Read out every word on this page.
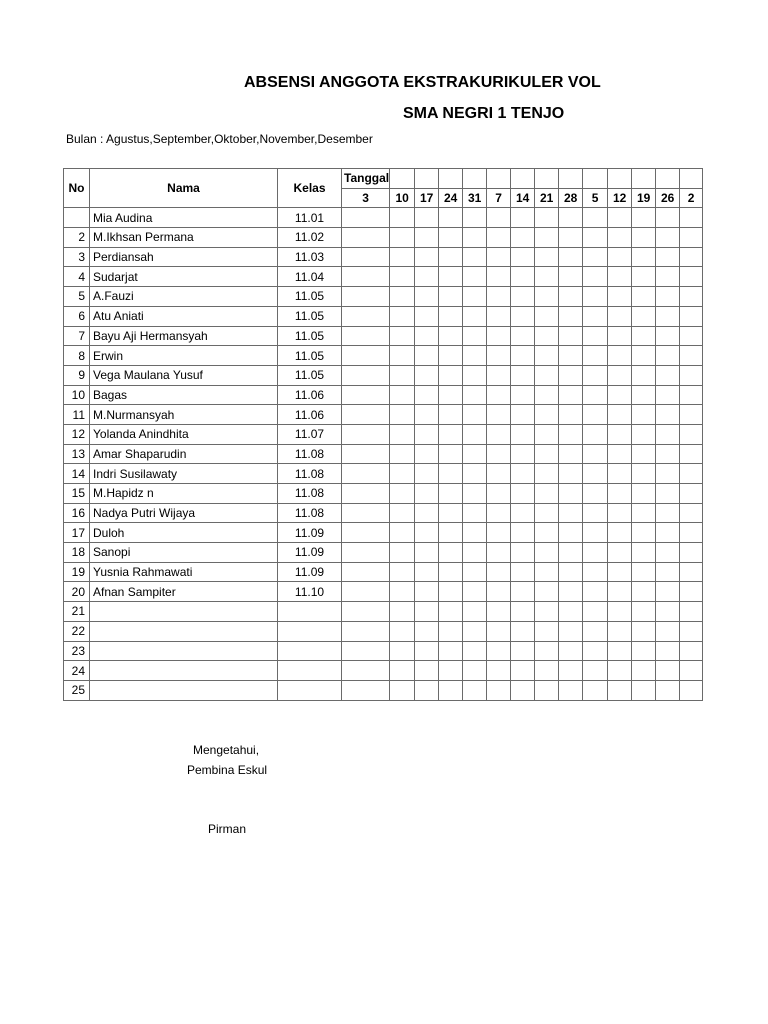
ABSENSI ANGGOTA EKSTRAKURIKULER VOL
SMA NEGRI 1 TENJO
Bulan : Agustus,September,Oktober,November,Desember
No	Nama	Kelas	Tanggal													
			3	10	17	24	31	7	14	21	28	5	12	19	26	2
	Mia Audina	11.01														
2	M.Ikhsan Permana	11.02														
3	Perdiansah	11.03														
4	Sudarjat	11.04														
5	A.Fauzi	11.05														
6	Atu Aniati	11.05														
7	Bayu Aji Hermansyah	11.05														
8	Erwin	11.05														
9	Vega Maulana Yusuf	11.05														
10	Bagas	11.06														
11	M.Nurmansyah	11.06														
12	Yolanda Anindhita	11.07														
13	Amar Shaparudin	11.08														
14	Indri Susilawaty	11.08														
15	M.Hapidz n	11.08														
16	Nadya Putri Wijaya	11.08														
17	Duloh	11.09														
18	Sanopi	11.09														
19	Yusnia Rahmawati	11.09														
20	Afnan Sampiter	11.10														
21																
22																
23																
24																
25																
Mengetahui,
Pembina Eskul
Pirman
